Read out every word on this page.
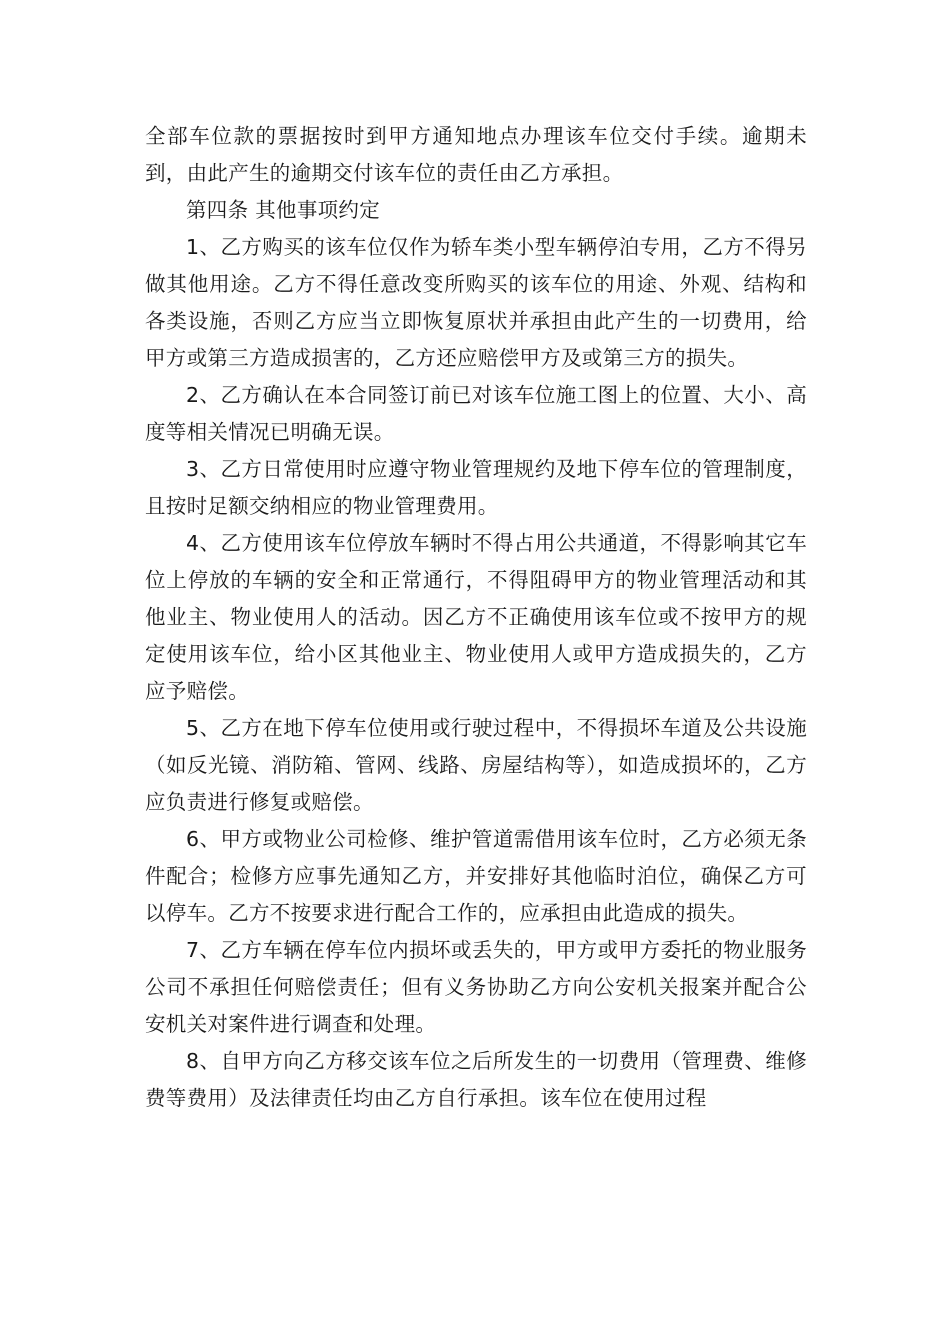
全部车位款的票据按时到甲方通知地点办理该车位交付手续。逾期未到，由此产生的逾期交付该车位的责任由乙方承担。

第四条 其他事项约定

1、乙方购买的该车位仅作为轿车类小型车辆停泊专用，乙方不得另做其他用途。乙方不得任意改变所购买的该车位的用途、外观、结构和各类设施，否则乙方应当立即恢复原状并承担由此产生的一切费用，给甲方或第三方造成损害的，乙方还应赔偿甲方及或第三方的损失。

2、乙方确认在本合同签订前已对该车位施工图上的位置、大小、高度等相关情况已明确无误。

3、乙方日常使用时应遵守物业管理规约及地下停车位的管理制度，且按时足额交纳相应的物业管理费用。

4、乙方使用该车位停放车辆时不得占用公共通道，不得影响其它车位上停放的车辆的安全和正常通行，不得阻碍甲方的物业管理活动和其他业主、物业使用人的活动。因乙方不正确使用该车位或不按甲方的规定使用该车位，给小区其他业主、物业使用人或甲方造成损失的，乙方应予赔偿。

5、乙方在地下停车位使用或行驶过程中，不得损坏车道及公共设施（如反光镜、消防箱、管网、线路、房屋结构等），如造成损坏的，乙方应负责进行修复或赔偿。

6、甲方或物业公司检修、维护管道需借用该车位时，乙方必须无条件配合；检修方应事先通知乙方，并安排好其他临时泊位，确保乙方可以停车。乙方不按要求进行配合工作的，应承担由此造成的损失。

7、乙方车辆在停车位内损坏或丢失的，甲方或甲方委托的物业服务公司不承担任何赔偿责任；但有义务协助乙方向公安机关报案并配合公安机关对案件进行调查和处理。

8、自甲方向乙方移交该车位之后所发生的一切费用（管理费、维修费等费用）及法律责任均由乙方自行承担。该车位在使用过程
